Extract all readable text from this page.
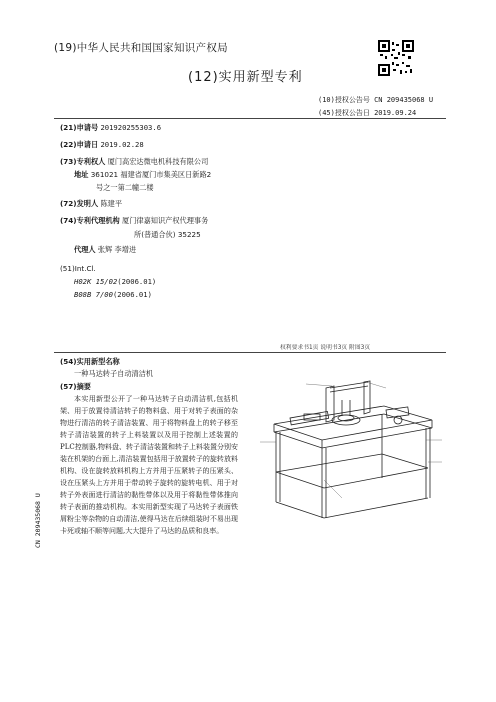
(19)中华人民共和国国家知识产权局
(12)实用新型专利
(10)授权公告号 CN 209435068 U
(45)授权公告日 2019.09.24
(21)申请号 201920255303.6
(22)申请日 2019.02.28
(73)专利权人 厦门高宏达微电机科技有限公司
地址 361021 福建省厦门市集美区日新路2
号之一第二幢二楼
(72)发明人 陈建平
(74)专利代理机构 厦门律嘉知识产权代理事务
所(普通合伙) 35225
代理人 张辉 李增进
(51)Int.Cl.
H02K 15/02(2006.01)
B08B 7/00(2006.01)
权利要求书1页 说明书3页 附图3页
(54)实用新型名称
一种马达转子自动清洁机
(57)摘要
本实用新型公开了一种马达转子自动清洁机,包括机架、用于放置待清洁转子的物料盘、用于对转子表面的杂物进行清洁的转子清洁装置、用于将物料盘上的转子移至转子清洁装置的转子上料装置以及用于控制上述装置的PLC控制器,物料盘、转子清洁装置和转子上料装置分别安装在机架的台面上,清洁装置包括用于放置转子的旋转放料机构、设在旋转放料机构上方并用于压紧转子的压紧头、设在压紧头上方并用于带动转子旋转的旋转电机、用于对转子外表面进行清洁的黏性带体以及用于将黏性带体推向转子表面的推动机构。本实用新型实现了马达转子表面铁屑粉尘等杂物的自动清洁,使得马达在后续组装时不易出现卡死或轴不顺等问题,大大提升了马达的品质和良率。
CN 209435068 U
